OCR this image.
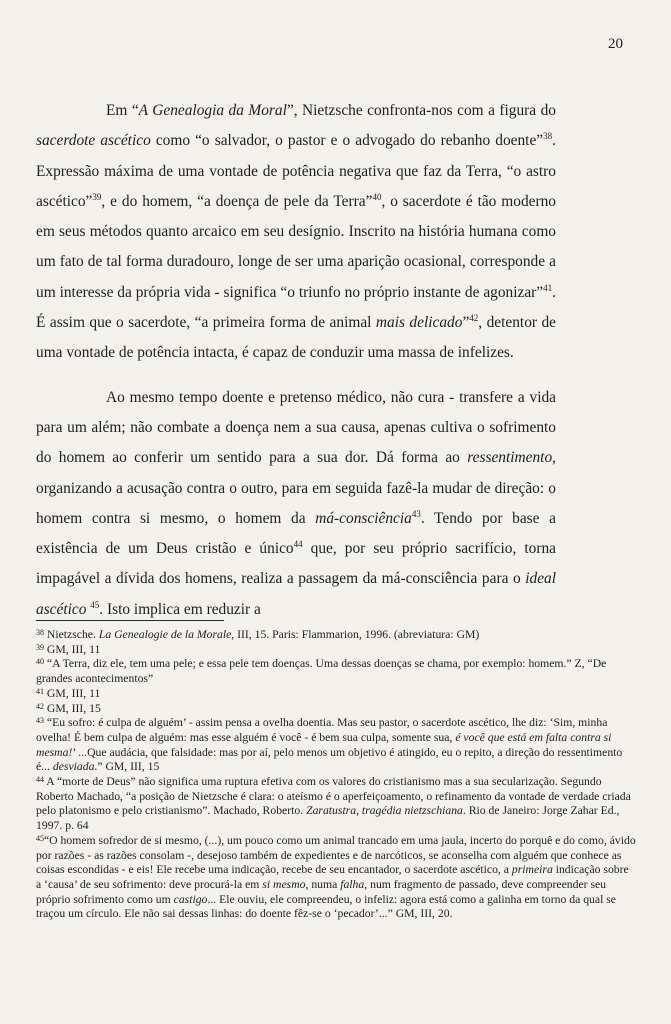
20

Em “A Genealogia da Moral”, Nietzsche confronta-nos com a figura do sacerdote ascético como “o salvador, o pastor e o advogado do rebanho doente”$^{38}$. Expressão máxima de uma vontade de potência negativa que faz da Terra, “o astro ascético”$^{39}$, e do homem, “a doença de pele da Terra”$^{40}$, o sacerdote é tão moderno em seus métodos quanto arcaico em seu desígnio. Inscrito na história humana como um fato de tal forma duradouro, longe de ser uma aparição ocasional, corresponde a um interesse da própria vida - significa “o triunfo no próprio instante de agonizar”$^{41}$. É assim que o sacerdote, “a primeira forma de animal mais delicado”$^{42}$, detentor de uma vontade de potência intacta, é capaz de conduzir uma massa de infelizes.

Ao mesmo tempo doente e pretenso médico, não cura - transfere a vida para um além; não combate a doença nem a sua causa, apenas cultiva o sofrimento do homem ao conferir um sentido para a sua dor. Dá forma ao ressentimento, organizando a acusação contra o outro, para em seguida fazê-la mudar de direção: o homem contra si mesmo, o homem da má-consciência$^{43}$. Tendo por base a existência de um Deus cristão e único$^{44}$ que, por seu próprio sacrifício, torna impagável a dívida dos homens, realiza a passagem da má-consciência para o ideal ascético $^{45}$. Isto implica em reduzir a

$^{38}$ Nietzsche. La Genealogie de la Morale, III, 15. Paris: Flammarion, 1996. (abreviatura: GM)

$^{39}$ GM, III, 11

$^{40}$ “A Terra, diz ele, tem uma pele; e essa pele tem doenças. Uma dessas doenças se chama, por exemplo: homem.” Z, “De grandes acontecimentos”

$^{41}$ GM, III, 11

$^{42}$ GM, III, 15

$^{43}$ “Eu sofro: é culpa de alguém’ - assim pensa a ovelha doentia. Mas seu pastor, o sacerdote ascético, lhe diz: ‘Sim, minha ovelha! É bem culpa de alguém: mas esse alguém é você - é bem sua culpa, somente sua, é você que está em falta contra si mesma!’ ...Que audácia, que falsidade: mas por aí, pelo menos um objetivo é atingido, eu o repito, a direção do ressentimento é... desviada.” GM, III, 15

$^{44}$ A “morte de Deus” não significa uma ruptura efetiva com os valores do cristianismo mas a sua secularização. Segundo Roberto Machado, “a posição de Nietzsche é clara: o ateísmo é o aperfeiçoamento, o refinamento da vontade de verdade criada pelo platonismo e pelo cristianismo”. Machado, Roberto. Zaratustra, tragédia nietzschiana. Rio de Janeiro: Jorge Zahar Ed., 1997. p. 64

$^{45}$“O homem sofredor de si mesmo, (...), um pouco como um animal trancado em uma jaula, incerto do porquê e do como, ávido por razões - as razões consolam -, desejoso também de expedientes e de narcóticos, se aconselha com alguém que conhece as coisas escondidas - e eis! Ele recebe uma indicação, recebe de seu encantador, o sacerdote ascético, a primeira indicação sobre a ‘causa’ de seu sofrimento: deve procurá-la em si mesmo, numa falha, num fragmento de passado, deve compreender seu próprio sofrimento como um castigo... Ele ouviu, ele compreendeu, o infeliz: agora está como a galinha em torno da qual se traçou um círculo. Ele não sai dessas linhas: do doente fêz-se o ‘pecador’...” GM, III, 20.
